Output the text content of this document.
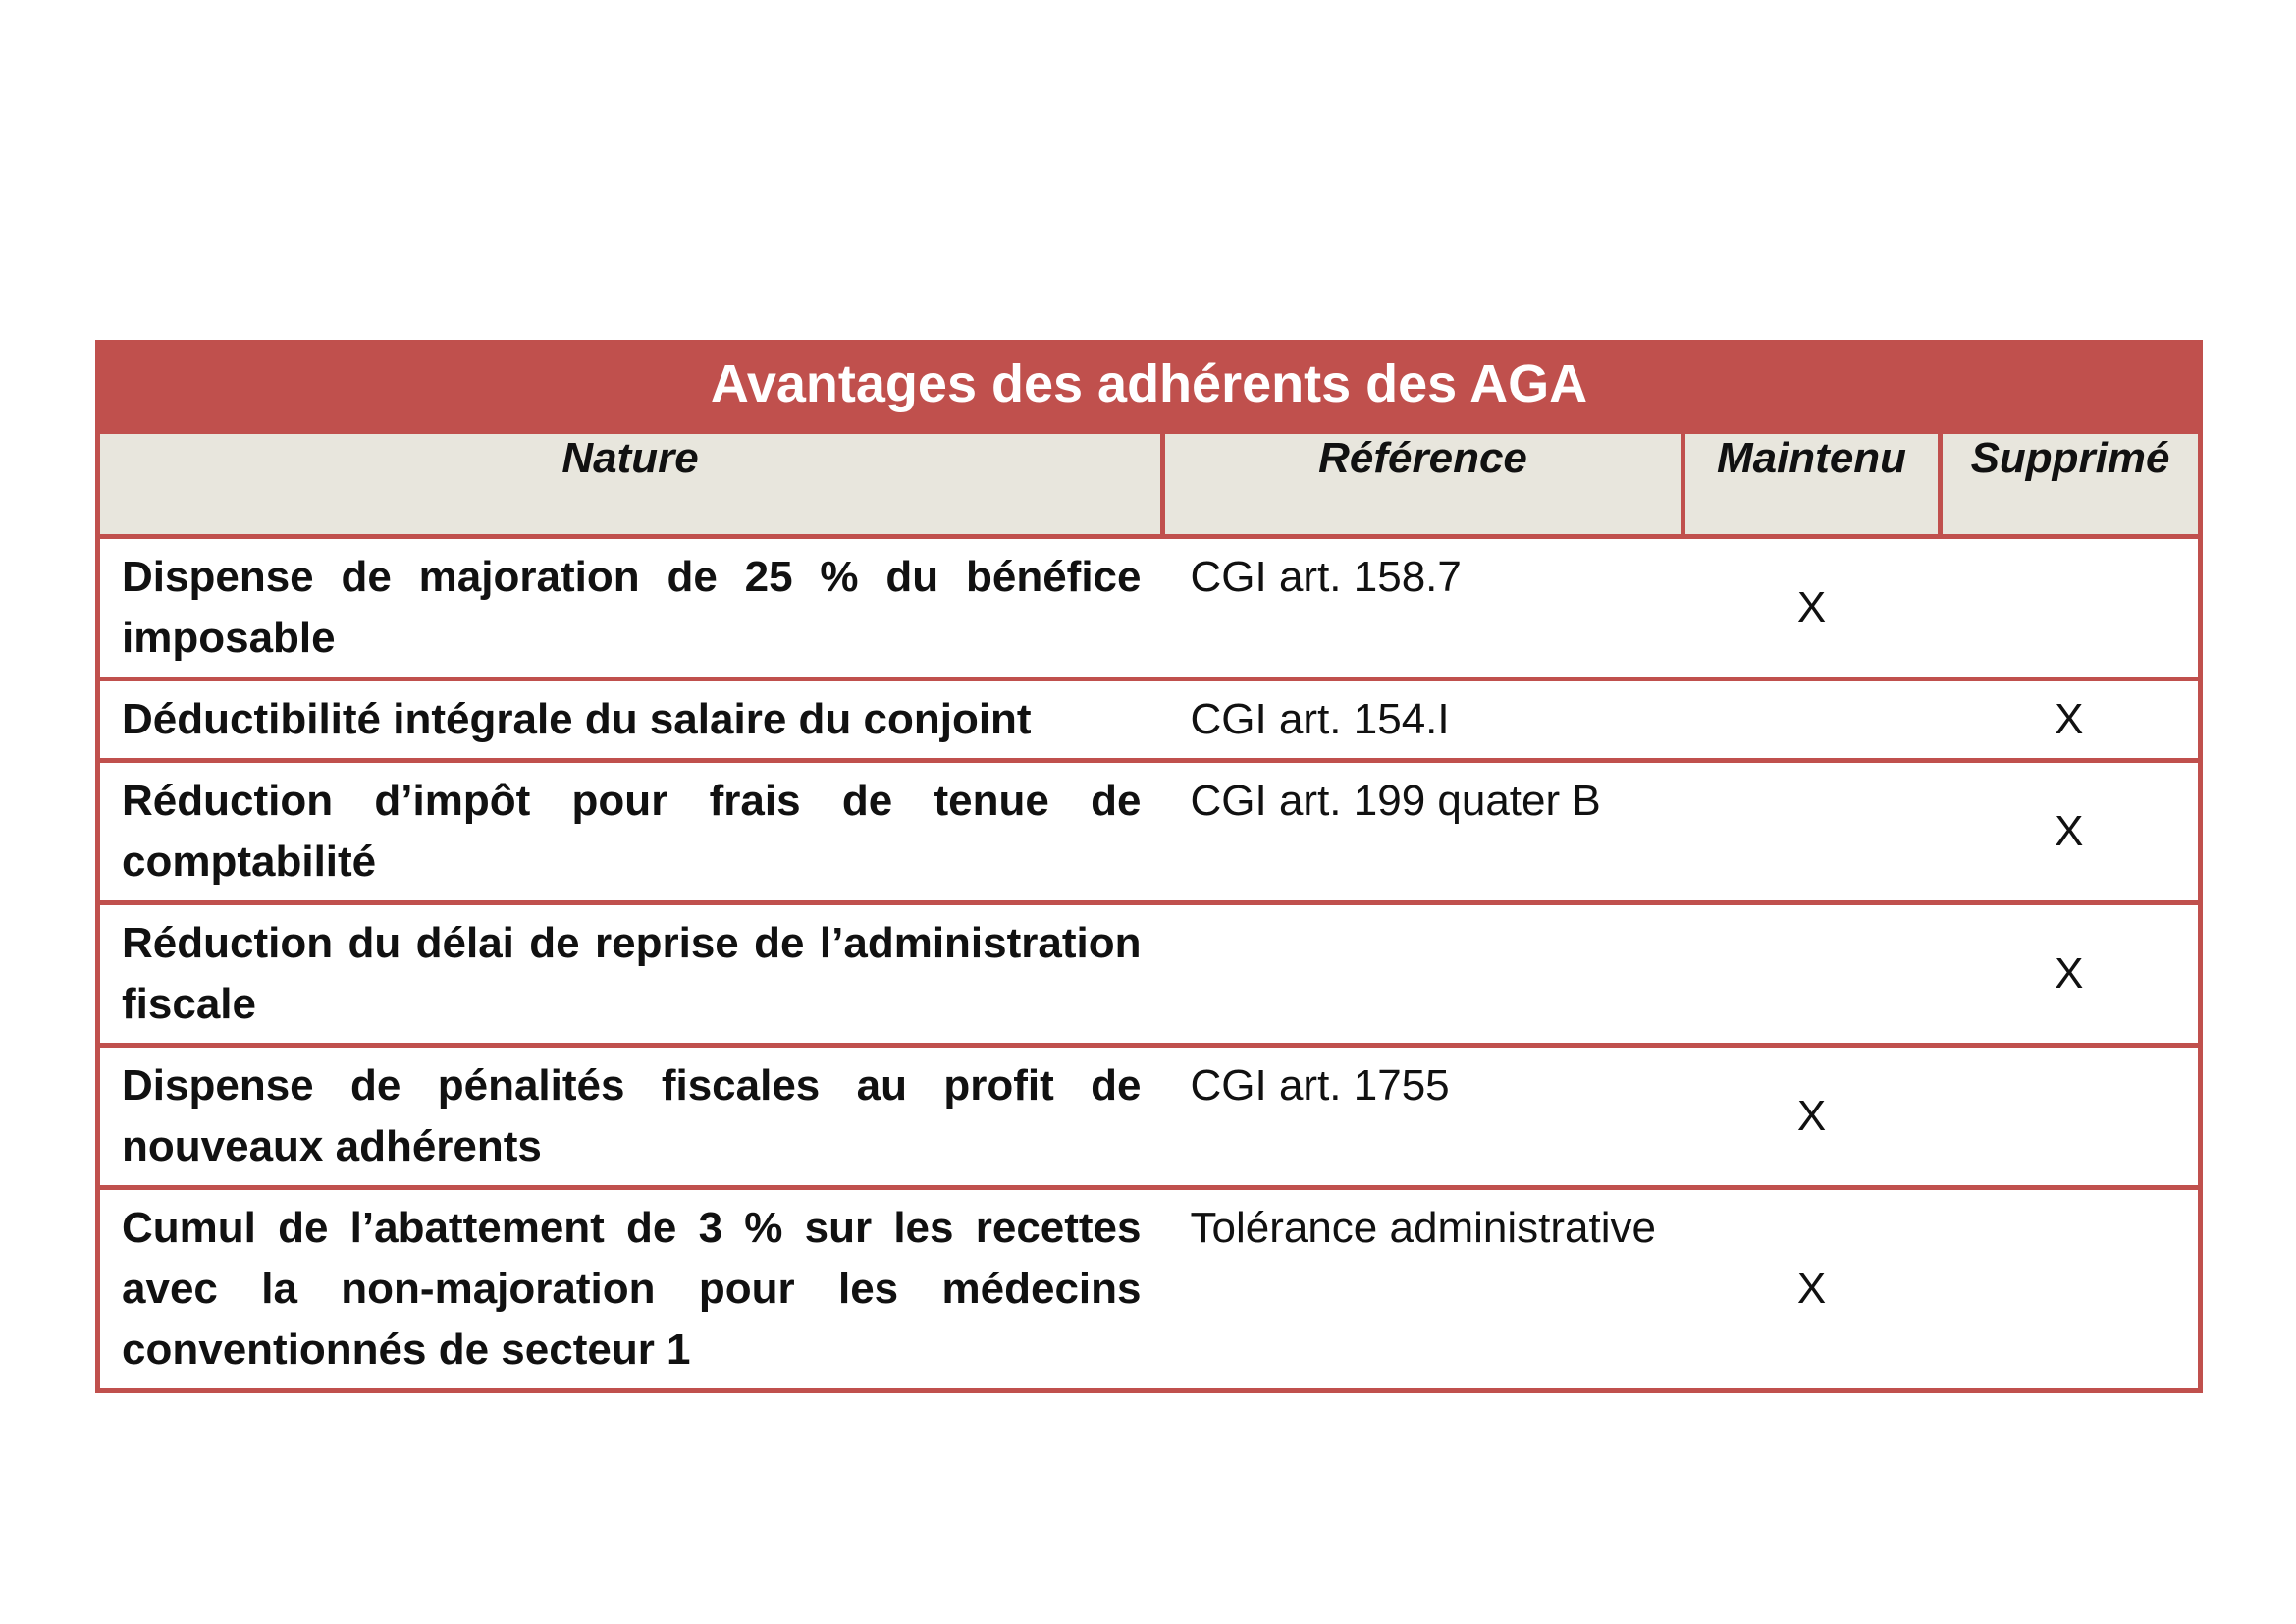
Avantages des adhérents des AGA			
Nature	Référence	Maintenu	Supprimé
Dispense de majoration de 25 % du bénéfice imposable	CGI art. 158.7	X	
Déductibilité intégrale du salaire du conjoint	CGI art. 154.I		X
Réduction d’impôt pour frais de tenue de comptabilité	CGI art. 199 quater B		X
Réduction du délai de reprise de l’administration fiscale			X
Dispense de pénalités fiscales au profit de nouveaux adhérents	CGI art. 1755	X	
Cumul de l’abattement de 3 % sur les recettes avec la non-majoration pour les médecins conventionnés de secteur 1	Tolérance administrative	X	
